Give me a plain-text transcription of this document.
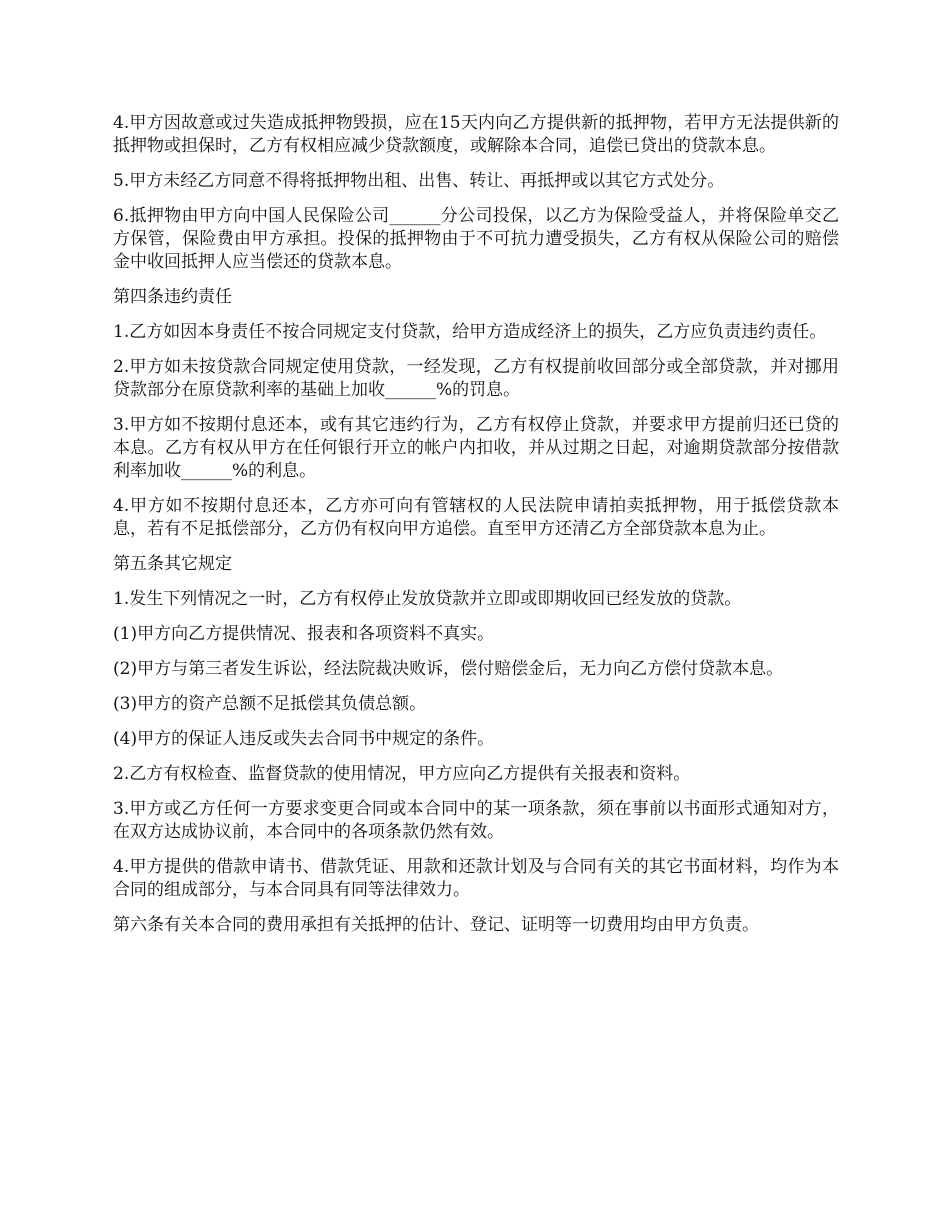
4.甲方因故意或过失造成抵押物毁损，应在15天内向乙方提供新的抵押物，若甲方无法提供新的抵押物或担保时，乙方有权相应减少贷款额度，或解除本合同，追偿已贷出的贷款本息。

5.甲方未经乙方同意不得将抵押物出租、出售、转让、再抵押或以其它方式处分。

6.抵押物由甲方向中国人民保险公司______分公司投保，以乙方为保险受益人，并将保险单交乙方保管，保险费由甲方承担。投保的抵押物由于不可抗力遭受损失，乙方有权从保险公司的赔偿金中收回抵押人应当偿还的贷款本息。

第四条违约责任

1.乙方如因本身责任不按合同规定支付贷款，给甲方造成经济上的损失，乙方应负责违约责任。

2.甲方如未按贷款合同规定使用贷款，一经发现，乙方有权提前收回部分或全部贷款，并对挪用贷款部分在原贷款利率的基础上加收______%的罚息。

3.甲方如不按期付息还本，或有其它违约行为，乙方有权停止贷款，并要求甲方提前归还已贷的本息。乙方有权从甲方在任何银行开立的帐户内扣收，并从过期之日起，对逾期贷款部分按借款利率加收______%的利息。

4.甲方如不按期付息还本，乙方亦可向有管辖权的人民法院申请拍卖抵押物，用于抵偿贷款本息，若有不足抵偿部分，乙方仍有权向甲方追偿。直至甲方还清乙方全部贷款本息为止。

第五条其它规定

1.发生下列情况之一时，乙方有权停止发放贷款并立即或即期收回已经发放的贷款。

(1)甲方向乙方提供情况、报表和各项资料不真实。

(2)甲方与第三者发生诉讼，经法院裁决败诉，偿付赔偿金后，无力向乙方偿付贷款本息。

(3)甲方的资产总额不足抵偿其负债总额。

(4)甲方的保证人违反或失去合同书中规定的条件。

2.乙方有权检查、监督贷款的使用情况，甲方应向乙方提供有关报表和资料。

3.甲方或乙方任何一方要求变更合同或本合同中的某一项条款，须在事前以书面形式通知对方，在双方达成协议前，本合同中的各项条款仍然有效。

4.甲方提供的借款申请书、借款凭证、用款和还款计划及与合同有关的其它书面材料，均作为本合同的组成部分，与本合同具有同等法律效力。

第六条有关本合同的费用承担有关抵押的估计、登记、证明等一切费用均由甲方负责。
